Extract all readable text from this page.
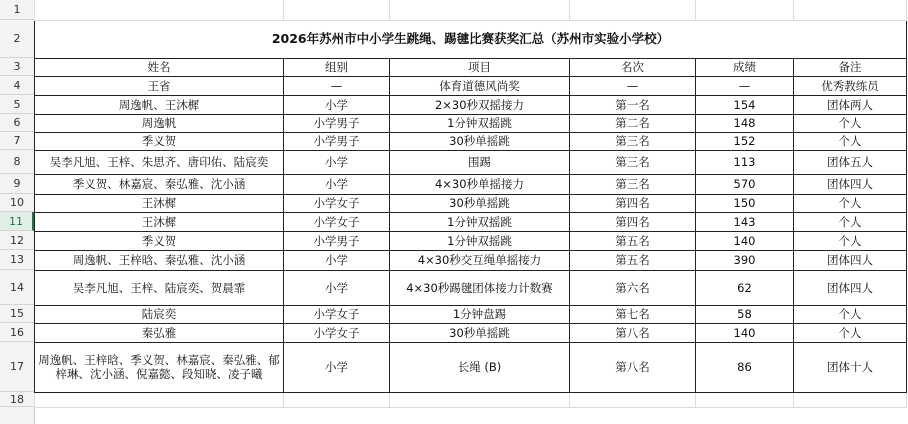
1
2
3
4
5
6
7
8
9
10
11
12
13
14
15
16
17
18

2026年苏州市中小学生跳绳、踢毽比赛获奖汇总（苏州市实验小学校）					
姓名	组别	项目	名次	成绩	备注
王省	—	体育道德风尚奖	—	—	优秀教练员
周逸帆、王沐樨	小学	2×30秒双摇接力	第一名	154	团体两人
周逸帆	小学男子	1分钟双摇跳	第二名	148	个人
季义贺	小学男子	30秒单摇跳	第三名	152	个人
吴李凡旭、王梓、朱思齐、唐印佑、陆宸奕	小学	围踢	第三名	113	团体五人
季义贺、林嘉宸、秦弘雅、沈小涵	小学	4×30秒单摇接力	第三名	570	团体四人
王沐樨	小学女子	30秒单摇跳	第四名	150	个人
王沐樨	小学女子	1分钟双摇跳	第四名	143	个人
季义贺	小学男子	1分钟双摇跳	第五名	140	个人
周逸帆、王梓晗、秦弘雅、沈小涵	小学	4×30秒交互绳单摇接力	第五名	390	团体四人
吴李凡旭、王梓、陆宸奕、贺晨霏	小学	4×30秒踢毽团体接力计数赛	第六名	62	团体四人
陆宸奕	小学女子	1分钟盘踢	第七名	58	个人
秦弘雅	小学女子	30秒单摇跳	第八名	140	个人
周逸帆、王梓晗、季义贺、林嘉宸、秦弘雅、郁梓琳、沈小涵、倪嘉懿、段知晓、凌子曦	小学	长绳 (B)	第八名	86	团体十人
